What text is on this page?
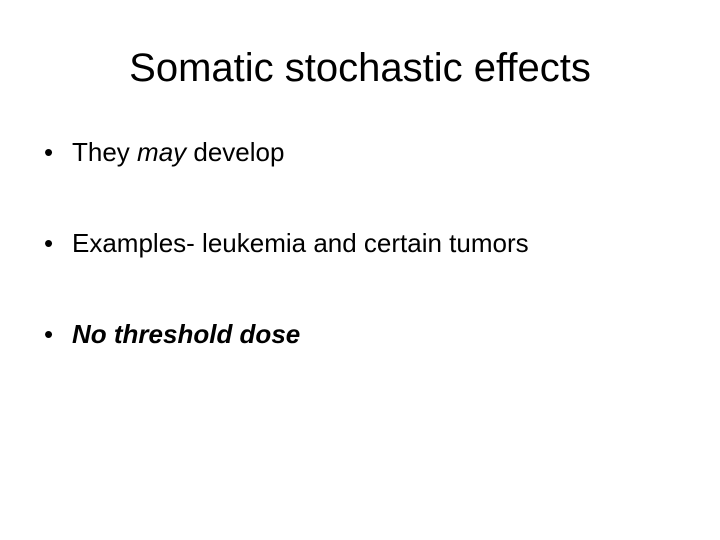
Somatic stochastic effects
• They may develop
• Examples- leukemia and certain tumors
• No threshold dose
